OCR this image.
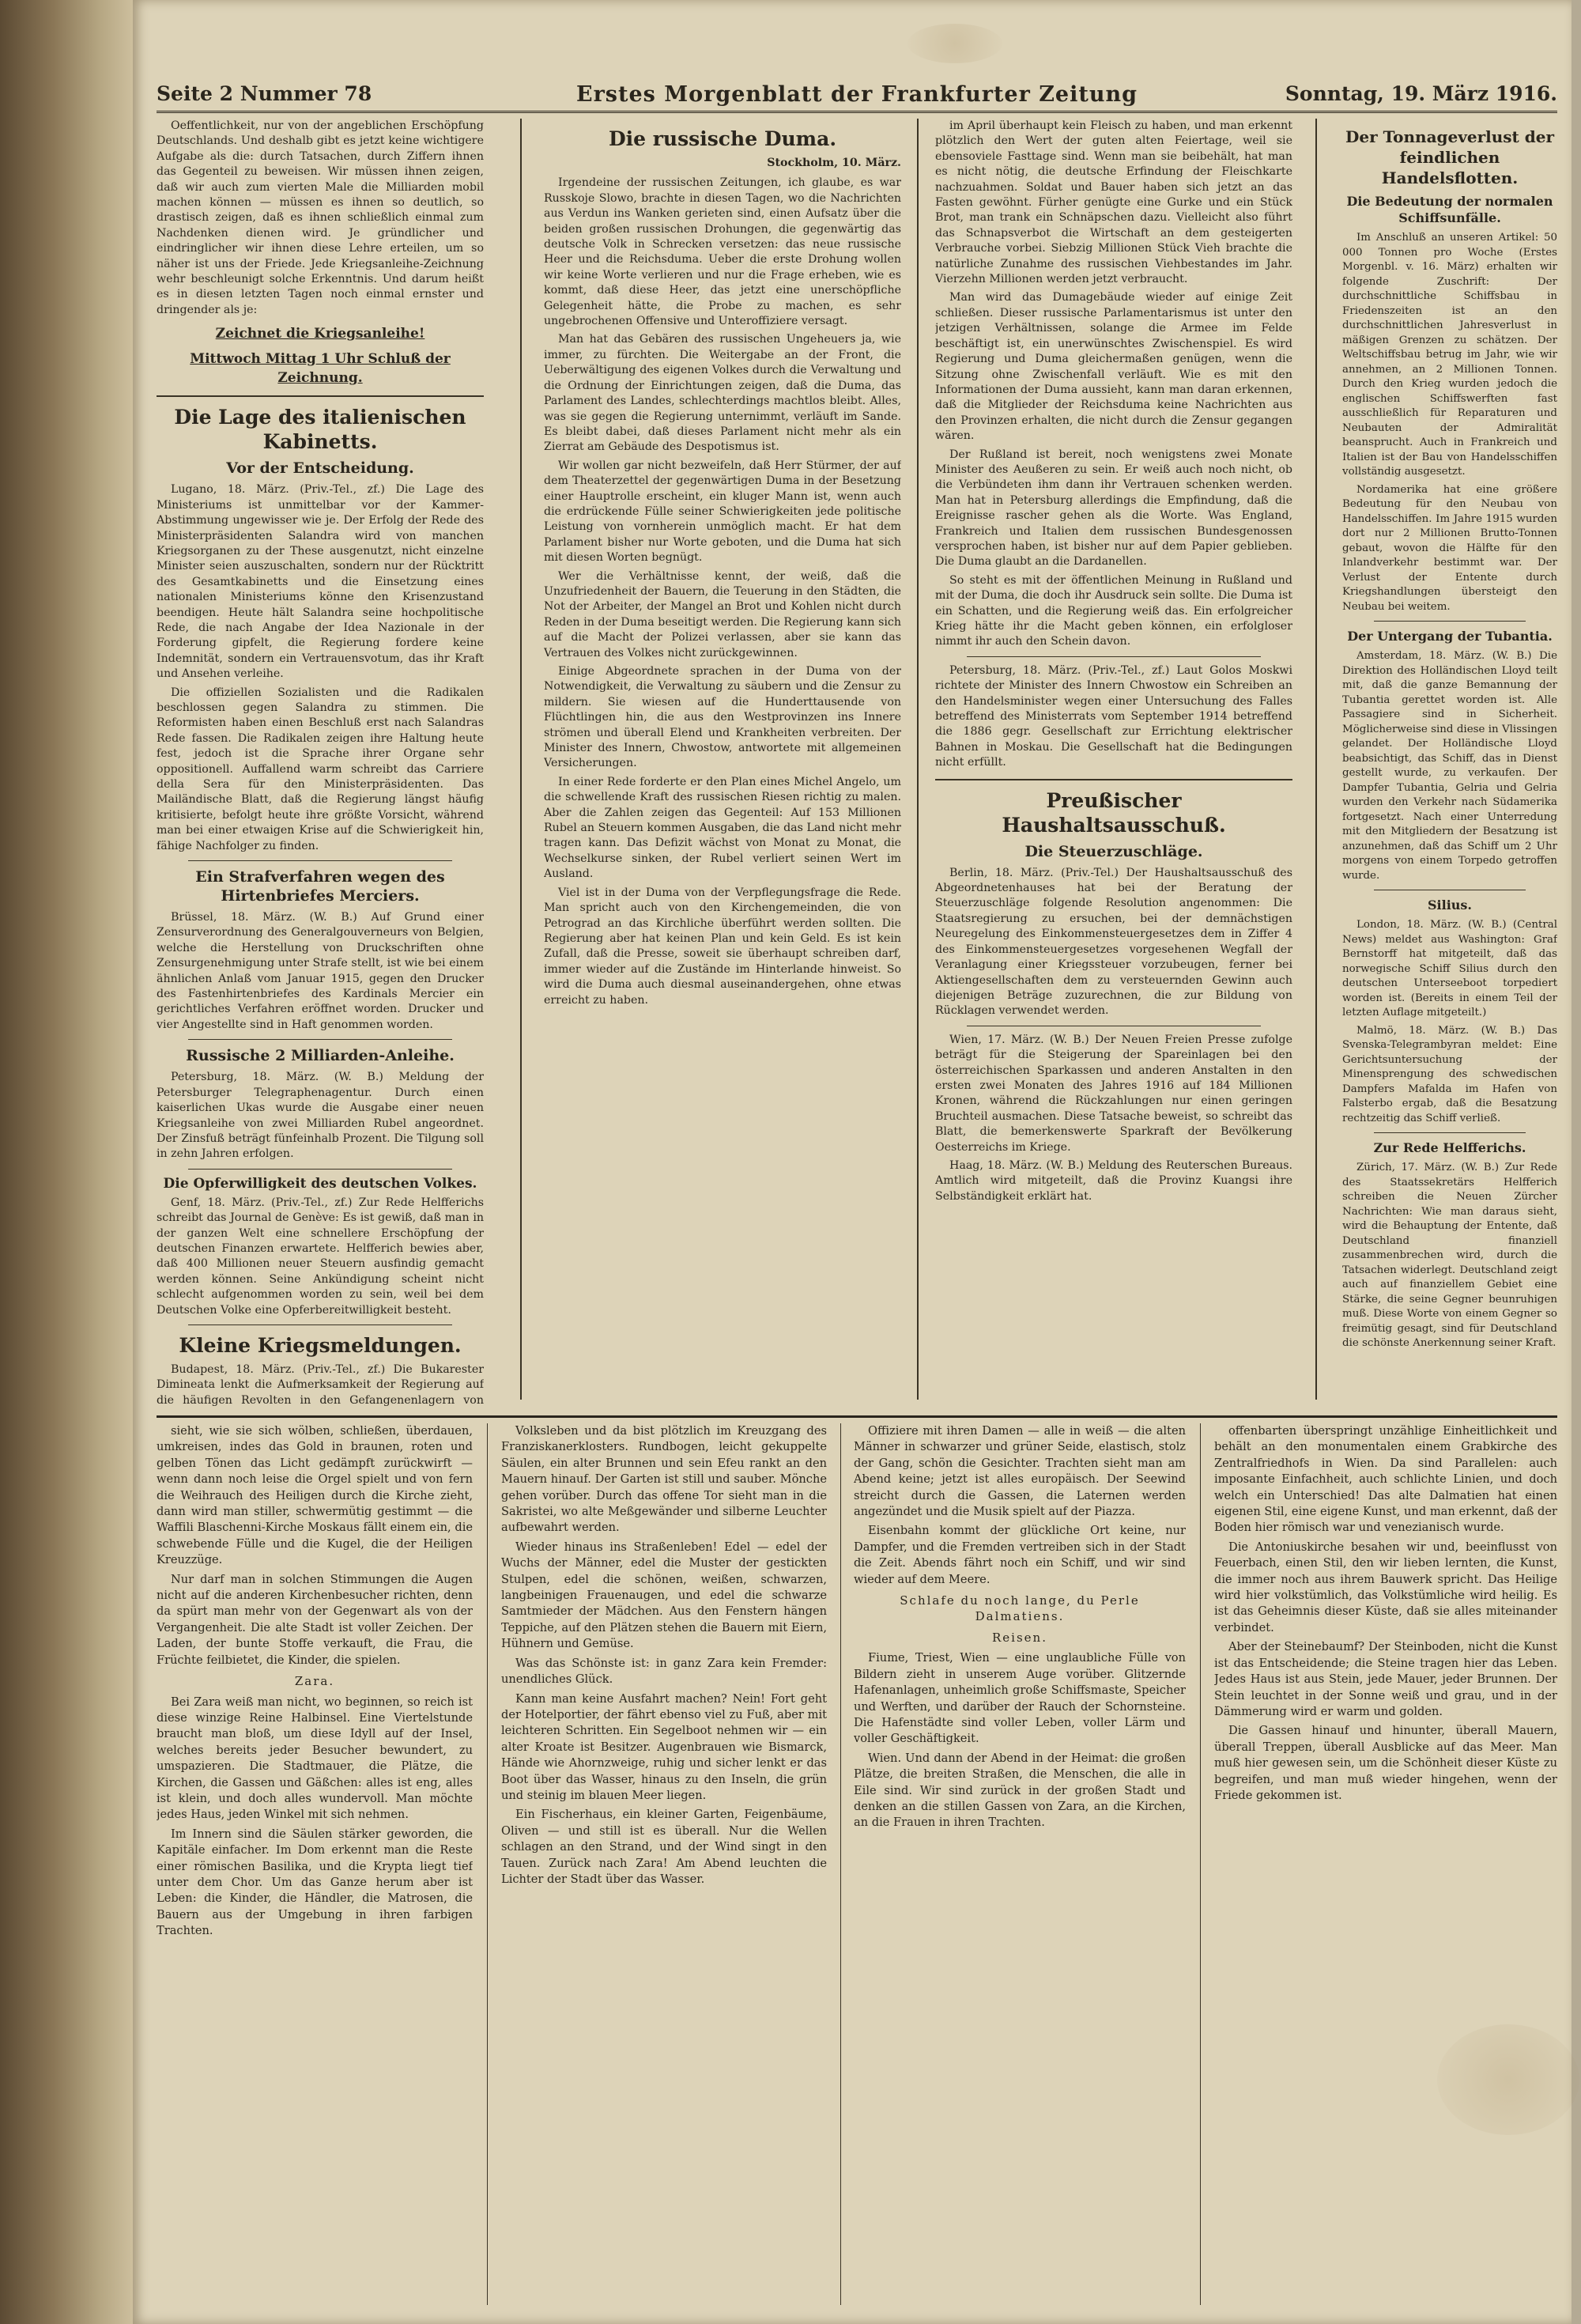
Seite 2 Nummer 78	Erstes Morgenblatt der Frankfurter Zeitung	Sonntag, 19. März 1916.

Oeffentlichkeit, nur von der angeblichen Erschöpfung Deutschlands. Und deshalb gibt es jetzt keine wichtigere Aufgabe als die: durch Tatsachen, durch Ziffern ihnen das Gegenteil zu beweisen. Wir müssen ihnen zeigen, daß wir auch zum vierten Male die Milliarden mobil machen können — müssen es ihnen so deutlich, so drastisch zeigen, daß es ihnen schließlich einmal zum Nachdenken dienen wird. Je gründlicher und eindringlicher wir ihnen diese Lehre erteilen, um so näher ist uns der Friede. Jede Kriegsanleihe-Zeichnung wehr beschleunigt solche Erkenntnis. Und darum heißt es in diesen letzten Tagen noch einmal ernster und dringender als je:

Zeichnet die Kriegsanleihe!
Mittwoch Mittag 1 Uhr Schluß der Zeichnung.
Die Lage des italienischen Kabinetts.
Vor der Entscheidung.

Lugano, 18. März. (Priv.-Tel., zf.) Die Lage des Ministeriums ist unmittelbar vor der Kammer-Abstimmung ungewisser wie je. Der Erfolg der Rede des Ministerpräsidenten Salandra wird von manchen Kriegsorganen zu der These ausgenutzt, nicht einzelne Minister seien auszuschalten, sondern nur der Rücktritt des Gesamtkabinetts und die Einsetzung eines nationalen Ministeriums könne den Krisenzustand beendigen. Heute hält Salandra seine hochpolitische Rede, die nach Angabe der Idea Nazionale in der Forderung gipfelt, die Regierung fordere keine Indemnität, sondern ein Vertrauensvotum, das ihr Kraft und Ansehen verleihe.

Die offiziellen Sozialisten und die Radikalen beschlossen gegen Salandra zu stimmen. Die Reformisten haben einen Beschluß erst nach Salandras Rede fassen. Die Radikalen zeigen ihre Haltung heute fest, jedoch ist die Sprache ihrer Organe sehr oppositionell. Auffallend warm schreibt das Carriere della Sera für den Ministerpräsidenten. Das Mailändische Blatt, daß die Regierung längst häufig kritisierte, befolgt heute ihre größte Vorsicht, während man bei einer etwaigen Krise auf die Schwierigkeit hin, fähige Nachfolger zu finden.

Ein Strafverfahren wegen des Hirtenbriefes Merciers.

Brüssel, 18. März. (W. B.) Auf Grund einer Zensurverordnung des Generalgouverneurs von Belgien, welche die Herstellung von Druckschriften ohne Zensurgenehmigung unter Strafe stellt, ist wie bei einem ähnlichen Anlaß vom Januar 1915, gegen den Drucker des Fastenhirtenbriefes des Kardinals Mercier ein gerichtliches Verfahren eröffnet worden. Drucker und vier Angestellte sind in Haft genommen worden.

Russische 2 Milliarden-Anleihe.

Petersburg, 18. März. (W. B.) Meldung der Petersburger Telegraphenagentur. Durch einen kaiserlichen Ukas wurde die Ausgabe einer neuen Kriegsanleihe von zwei Milliarden Rubel angeordnet. Der Zinsfuß beträgt fünfeinhalb Prozent. Die Tilgung soll in zehn Jahren erfolgen.

Die Opferwilligkeit des deutschen Volkes.

Genf, 18. März. (Priv.-Tel., zf.) Zur Rede Helfferichs schreibt das Journal de Genève: Es ist gewiß, daß man in der ganzen Welt eine schnellere Erschöpfung der deutschen Finanzen erwartete. Helfferich bewies aber, daß 400 Millionen neuer Steuern ausfindig gemacht werden können. Seine Ankündigung scheint nicht schlecht aufgenommen worden zu sein, weil bei dem Deutschen Volke eine Opferbereitwilligkeit besteht.

Kleine Kriegsmeldungen.

Budapest, 18. März. (Priv.-Tel., zf.) Die Bukarester Dimineata lenkt die Aufmerksamkeit der Regierung auf die häufigen Revolten in den Gefangenenlagern von

Die russische Duma.
Stockholm, 10. März.

Irgendeine der russischen Zeitungen, ich glaube, es war Russkoje Slowo, brachte in diesen Tagen, wo die Nachrichten aus Verdun ins Wanken gerieten sind, einen Aufsatz über die beiden großen russischen Drohungen, die gegenwärtig das deutsche Volk in Schrecken versetzen: das neue russische Heer und die Reichsduma. Ueber die erste Drohung wollen wir keine Worte verlieren und nur die Frage erheben, wie es kommt, daß diese Heer, das jetzt eine unerschöpfliche Gelegenheit hätte, die Probe zu machen, es sehr ungebrochenen Offensive und Unteroffiziere versagt.

Man hat das Gebären des russischen Ungeheuers ja, wie immer, zu fürchten. Die Weitergabe an der Front, die Ueberwältigung des eigenen Volkes durch die Verwaltung und die Ordnung der Einrichtungen zeigen, daß die Duma, das Parlament des Landes, schlechterdings machtlos bleibt. Alles, was sie gegen die Regierung unternimmt, verläuft im Sande. Es bleibt dabei, daß dieses Parlament nicht mehr als ein Zierrat am Gebäude des Despotismus ist.

Wir wollen gar nicht bezweifeln, daß Herr Stürmer, der auf dem Theaterzettel der gegenwärtigen Duma in der Besetzung einer Hauptrolle erscheint, ein kluger Mann ist, wenn auch die erdrückende Fülle seiner Schwierigkeiten jede politische Leistung von vornherein unmöglich macht. Er hat dem Parlament bisher nur Worte geboten, und die Duma hat sich mit diesen Worten begnügt.

Wer die Verhältnisse kennt, der weiß, daß die Unzufriedenheit der Bauern, die Teuerung in den Städten, die Not der Arbeiter, der Mangel an Brot und Kohlen nicht durch Reden in der Duma beseitigt werden. Die Regierung kann sich auf die Macht der Polizei verlassen, aber sie kann das Vertrauen des Volkes nicht zurückgewinnen.

Einige Abgeordnete sprachen in der Duma von der Notwendigkeit, die Verwaltung zu säubern und die Zensur zu mildern. Sie wiesen auf die Hunderttausende von Flüchtlingen hin, die aus den Westprovinzen ins Innere strömen und überall Elend und Krankheiten verbreiten. Der Minister des Innern, Chwostow, antwortete mit allgemeinen Versicherungen.

In einer Rede forderte er den Plan eines Michel Angelo, um die schwellende Kraft des russischen Riesen richtig zu malen. Aber die Zahlen zeigen das Gegenteil: Auf 153 Millionen Rubel an Steuern kommen Ausgaben, die das Land nicht mehr tragen kann. Das Defizit wächst von Monat zu Monat, die Wechselkurse sinken, der Rubel verliert seinen Wert im Ausland.

Viel ist in der Duma von der Verpflegungsfrage die Rede. Man spricht auch von den Kirchengemeinden, die von Petrograd an das Kirchliche überführt werden sollten. Die Regierung aber hat keinen Plan und kein Geld. Es ist kein Zufall, daß die Presse, soweit sie überhaupt schreiben darf, immer wieder auf die Zustände im Hinterlande hinweist. So wird die Duma auch diesmal auseinandergehen, ohne etwas erreicht zu haben.

im April überhaupt kein Fleisch zu haben, und man erkennt plötzlich den Wert der guten alten Feiertage, weil sie ebensoviele Fasttage sind. Wenn man sie beibehält, hat man es nicht nötig, die deutsche Erfindung der Fleischkarte nachzuahmen. Soldat und Bauer haben sich jetzt an das Fasten gewöhnt. Fürher genügte eine Gurke und ein Stück Brot, man trank ein Schnäpschen dazu. Vielleicht also führt das Schnapsverbot die Wirtschaft an dem gesteigerten Verbrauche vorbei. Siebzig Millionen Stück Vieh brachte die natürliche Zunahme des russischen Viehbestandes im Jahr. Vierzehn Millionen werden jetzt verbraucht.

Man wird das Dumagebäude wieder auf einige Zeit schließen. Dieser russische Parlamentarismus ist unter den jetzigen Verhältnissen, solange die Armee im Felde beschäftigt ist, ein unerwünschtes Zwischenspiel. Es wird Regierung und Duma gleichermaßen genügen, wenn die Sitzung ohne Zwischenfall verläuft. Wie es mit den Informationen der Duma aussieht, kann man daran erkennen, daß die Mitglieder der Reichsduma keine Nachrichten aus den Provinzen erhalten, die nicht durch die Zensur gegangen wären.

Der Rußland ist bereit, noch wenigstens zwei Monate Minister des Aeußeren zu sein. Er weiß auch noch nicht, ob die Verbündeten ihm dann ihr Vertrauen schenken werden. Man hat in Petersburg allerdings die Empfindung, daß die Ereignisse rascher gehen als die Worte. Was England, Frankreich und Italien dem russischen Bundesgenossen versprochen haben, ist bisher nur auf dem Papier geblieben. Die Duma glaubt an die Dardanellen.

So steht es mit der öffentlichen Meinung in Rußland und mit der Duma, die doch ihr Ausdruck sein sollte. Die Duma ist ein Schatten, und die Regierung weiß das. Ein erfolgreicher Krieg hätte ihr die Macht geben können, ein erfolgloser nimmt ihr auch den Schein davon.

Petersburg, 18. März. (Priv.-Tel., zf.) Laut Golos Moskwi richtete der Minister des Innern Chwostow ein Schreiben an den Handelsminister wegen einer Untersuchung des Falles betreffend des Ministerrats vom September 1914 betreffend die 1886 gegr. Gesellschaft zur Errichtung elektrischer Bahnen in Moskau. Die Gesellschaft hat die Bedingungen nicht erfüllt.

Preußischer Haushaltsausschuß.
Die Steuerzuschläge.

Berlin, 18. März. (Priv.-Tel.) Der Haushaltsausschuß des Abgeordnetenhauses hat bei der Beratung der Steuerzuschläge folgende Resolution angenommen: Die Staatsregierung zu ersuchen, bei der demnächstigen Neuregelung des Einkommensteuergesetzes dem in Ziffer 4 des Einkommensteuergesetzes vorgesehenen Wegfall der Veranlagung einer Kriegssteuer vorzubeugen, ferner bei Aktiengesellschaften dem zu versteuernden Gewinn auch diejenigen Beträge zuzurechnen, die zur Bildung von Rücklagen verwendet werden.

Wien, 17. März. (W. B.) Der Neuen Freien Presse zufolge beträgt für die Steigerung der Spareinlagen bei den österreichischen Sparkassen und anderen Anstalten in den ersten zwei Monaten des Jahres 1916 auf 184 Millionen Kronen, während die Rückzahlungen nur einen geringen Bruchteil ausmachen. Diese Tatsache beweist, so schreibt das Blatt, die bemerkenswerte Sparkraft der Bevölkerung Oesterreichs im Kriege.

Haag, 18. März. (W. B.) Meldung des Reuterschen Bureaus. Amtlich wird mitgeteilt, daß die Provinz Kuangsi ihre Selbständigkeit erklärt hat.

Der Tonnageverlust der feindlichen Handelsflotten.
Die Bedeutung der normalen Schiffsunfälle.

Im Anschluß an unseren Artikel: 50 000 Tonnen pro Woche (Erstes Morgenbl. v. 16. März) erhalten wir folgende Zuschrift: Der durchschnittliche Schiffsbau in Friedenszeiten ist an den durchschnittlichen Jahresverlust in mäßigen Grenzen zu schätzen. Der Weltschiffsbau betrug im Jahr, wie wir annehmen, an 2 Millionen Tonnen. Durch den Krieg wurden jedoch die englischen Schiffswerften fast ausschließlich für Reparaturen und Neubauten der Admiralität beansprucht. Auch in Frankreich und Italien ist der Bau von Handelsschiffen vollständig ausgesetzt.

Nordamerika hat eine größere Bedeutung für den Neubau von Handelsschiffen. Im Jahre 1915 wurden dort nur 2 Millionen Brutto-Tonnen gebaut, wovon die Hälfte für den Inlandverkehr bestimmt war. Der Verlust der Entente durch Kriegshandlungen übersteigt den Neubau bei weitem.

Der Untergang der Tubantia.

Amsterdam, 18. März. (W. B.) Die Direktion des Holländischen Lloyd teilt mit, daß die ganze Bemannung der Tubantia gerettet worden ist. Alle Passagiere sind in Sicherheit. Möglicherweise sind diese in Vlissingen gelandet. Der Holländische Lloyd beabsichtigt, das Schiff, das in Dienst gestellt wurde, zu verkaufen. Der Dampfer Tubantia, Gelria und Gelria wurden den Verkehr nach Südamerika fortgesetzt. Nach einer Unterredung mit den Mitgliedern der Besatzung ist anzunehmen, daß das Schiff um 2 Uhr morgens von einem Torpedo getroffen wurde.

Silius.

London, 18. März. (W. B.) (Central News) meldet aus Washington: Graf Bernstorff hat mitgeteilt, daß das norwegische Schiff Silius durch den deutschen Unterseeboot torpediert worden ist. (Bereits in einem Teil der letzten Auflage mitgeteilt.)

Malmö, 18. März. (W. B.) Das Svenska-Telegrambyran meldet: Eine Gerichtsuntersuchung der Minensprengung des schwedischen Dampfers Mafalda im Hafen von Falsterbo ergab, daß die Besatzung rechtzeitig das Schiff verließ.

Zur Rede Helfferichs.

Zürich, 17. März. (W. B.) Zur Rede des Staatssekretärs Helfferich schreiben die Neuen Zürcher Nachrichten: Wie man daraus sieht, wird die Behauptung der Entente, daß Deutschland finanziell zusammenbrechen wird, durch die Tatsachen widerlegt. Deutschland zeigt auch auf finanziellem Gebiet eine Stärke, die seine Gegner beunruhigen muß. Diese Worte von einem Gegner so freimütig gesagt, sind für Deutschland die schönste Anerkennung seiner Kraft.

sieht, wie sie sich wölben, schließen, überdauen, umkreisen, indes das Gold in braunen, roten und gelben Tönen das Licht gedämpft zurückwirft — wenn dann noch leise die Orgel spielt und von fern die Weihrauch des Heiligen durch die Kirche zieht, dann wird man stiller, schwermütig gestimmt — die Waffili Blaschenni-Kirche Moskaus fällt einem ein, die schwebende Fülle und die Kugel, die der Heiligen Kreuzzüge.

Nur darf man in solchen Stimmungen die Augen nicht auf die anderen Kirchenbesucher richten, denn da spürt man mehr von der Gegenwart als von der Vergangenheit. Die alte Stadt ist voller Zeichen. Der Laden, der bunte Stoffe verkauft, die Frau, die Früchte feilbietet, die Kinder, die spielen.

Zara.

Bei Zara weiß man nicht, wo beginnen, so reich ist diese winzige Reine Halbinsel. Eine Viertelstunde braucht man bloß, um diese Idyll auf der Insel, welches bereits jeder Besucher bewundert, zu umspazieren. Die Stadtmauer, die Plätze, die Kirchen, die Gassen und Gäßchen: alles ist eng, alles ist klein, und doch alles wundervoll. Man möchte jedes Haus, jeden Winkel mit sich nehmen.

Im Innern sind die Säulen stärker geworden, die Kapitäle einfacher. Im Dom erkennt man die Reste einer römischen Basilika, und die Krypta liegt tief unter dem Chor. Um das Ganze herum aber ist Leben: die Kinder, die Händler, die Matrosen, die Bauern aus der Umgebung in ihren farbigen Trachten.

Volksleben und da bist plötzlich im Kreuzgang des Franziskanerklosters. Rundbogen, leicht gekuppelte Säulen, ein alter Brunnen und sein Efeu rankt an den Mauern hinauf. Der Garten ist still und sauber. Mönche gehen vorüber. Durch das offene Tor sieht man in die Sakristei, wo alte Meßgewänder und silberne Leuchter aufbewahrt werden.

Wieder hinaus ins Straßenleben! Edel — edel der Wuchs der Männer, edel die Muster der gestickten Stulpen, edel die schönen, weißen, schwarzen, langbeinigen Frauenaugen, und edel die schwarze Samtmieder der Mädchen. Aus den Fenstern hängen Teppiche, auf den Plätzen stehen die Bauern mit Eiern, Hühnern und Gemüse.

Was das Schönste ist: in ganz Zara kein Fremder: unendliches Glück.

Kann man keine Ausfahrt machen? Nein! Fort geht der Hotelportier, der fährt ebenso viel zu Fuß, aber mit leichteren Schritten. Ein Segelboot nehmen wir — ein alter Kroate ist Besitzer. Augenbrauen wie Bismarck, Hände wie Ahornzweige, ruhig und sicher lenkt er das Boot über das Wasser, hinaus zu den Inseln, die grün und steinig im blauen Meer liegen.

Ein Fischerhaus, ein kleiner Garten, Feigenbäume, Oliven — und still ist es überall. Nur die Wellen schlagen an den Strand, und der Wind singt in den Tauen. Zurück nach Zara! Am Abend leuchten die Lichter der Stadt über das Wasser.

Offiziere mit ihren Damen — alle in weiß — die alten Männer in schwarzer und grüner Seide, elastisch, stolz der Gang, schön die Gesichter. Trachten sieht man am Abend keine; jetzt ist alles europäisch. Der Seewind streicht durch die Gassen, die Laternen werden angezündet und die Musik spielt auf der Piazza.

Eisenbahn kommt der glückliche Ort keine, nur Dampfer, und die Fremden vertreiben sich in der Stadt die Zeit. Abends fährt noch ein Schiff, und wir sind wieder auf dem Meere.

Schlafe du noch lange, du Perle Dalmatiens.
Reisen.

Fiume, Triest, Wien — eine unglaubliche Fülle von Bildern zieht in unserem Auge vorüber. Glitzernde Hafenanlagen, unheimlich große Schiffsmaste, Speicher und Werften, und darüber der Rauch der Schornsteine. Die Hafenstädte sind voller Leben, voller Lärm und voller Geschäftigkeit.

Wien. Und dann der Abend in der Heimat: die großen Plätze, die breiten Straßen, die Menschen, die alle in Eile sind. Wir sind zurück in der großen Stadt und denken an die stillen Gassen von Zara, an die Kirchen, an die Frauen in ihren Trachten.

offenbarten überspringt unzählige Einheitlichkeit und behält an den monumentalen einem Grabkirche des Zentralfriedhofs in Wien. Da sind Parallelen: auch imposante Einfachheit, auch schlichte Linien, und doch welch ein Unterschied! Das alte Dalmatien hat einen eigenen Stil, eine eigene Kunst, und man erkennt, daß der Boden hier römisch war und venezianisch wurde.

Die Antoniuskirche besahen wir und, beeinflusst von Feuerbach, einen Stil, den wir lieben lernten, die Kunst, die immer noch aus ihrem Bauwerk spricht. Das Heilige wird hier volkstümlich, das Volkstümliche wird heilig. Es ist das Geheimnis dieser Küste, daß sie alles miteinander verbindet.

Aber der Steinebaumf? Der Steinboden, nicht die Kunst ist das Entscheidende; die Steine tragen hier das Leben. Jedes Haus ist aus Stein, jede Mauer, jeder Brunnen. Der Stein leuchtet in der Sonne weiß und grau, und in der Dämmerung wird er warm und golden.

Die Gassen hinauf und hinunter, überall Mauern, überall Treppen, überall Ausblicke auf das Meer. Man muß hier gewesen sein, um die Schönheit dieser Küste zu begreifen, und man muß wieder hingehen, wenn der Friede gekommen ist.
